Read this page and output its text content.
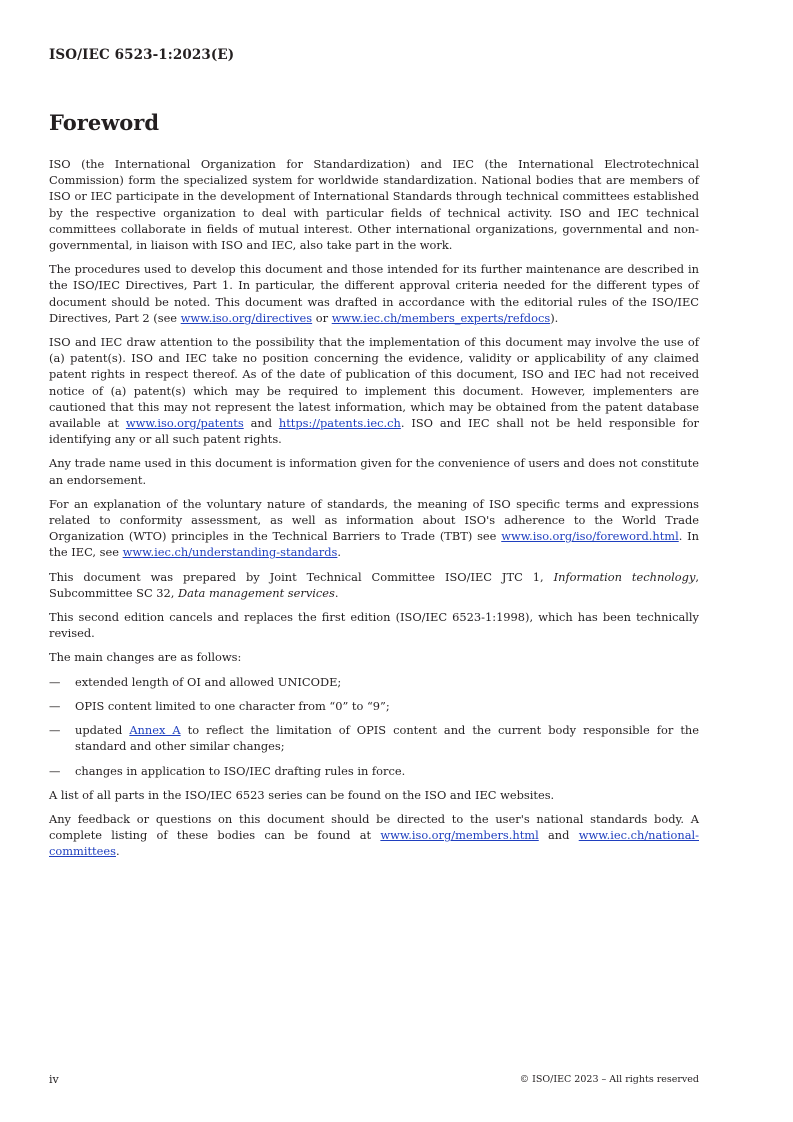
ISO/IEC 6523-1:2023(E)
Foreword

ISO (the International Organization for Standardization) and IEC (the International Electrotechnical Commission) form the specialized system for worldwide standardization. National bodies that are members of ISO or IEC participate in the development of International Standards through technical committees established by the respective organization to deal with particular fields of technical activity. ISO and IEC technical committees collaborate in fields of mutual interest. Other international organizations, governmental and non-governmental, in liaison with ISO and IEC, also take part in the work.

The procedures used to develop this document and those intended for its further maintenance are described in the ISO/IEC Directives, Part 1. In particular, the different approval criteria needed for the different types of document should be noted. This document was drafted in accordance with the editorial rules of the ISO/IEC Directives, Part 2 (see www.iso.org/directives or www.iec.ch/members_experts/refdocs).

ISO and IEC draw attention to the possibility that the implementation of this document may involve the use of (a) patent(s). ISO and IEC take no position concerning the evidence, validity or applicability of any claimed patent rights in respect thereof. As of the date of publication of this document, ISO and IEC had not received notice of (a) patent(s) which may be required to implement this document. However, implementers are cautioned that this may not represent the latest information, which may be obtained from the patent database available at www.iso.org/patents and https://patents.iec.ch. ISO and IEC shall not be held responsible for identifying any or all such patent rights.

Any trade name used in this document is information given for the convenience of users and does not constitute an endorsement.

For an explanation of the voluntary nature of standards, the meaning of ISO specific terms and expressions related to conformity assessment, as well as information about ISO's adherence to the World Trade Organization (WTO) principles in the Technical Barriers to Trade (TBT) see www.iso.org/iso/foreword.html. In the IEC, see www.iec.ch/understanding-standards.

This document was prepared by Joint Technical Committee ISO/IEC JTC 1, Information technology, Subcommittee SC 32, Data management services.

This second edition cancels and replaces the first edition (ISO/IEC 6523-1:1998), which has been technically revised.

The main changes are as follows:

— extended length of OI and allowed UNICODE;
— OPIS content limited to one character from “0” to “9”;
— updated Annex A to reflect the limitation of OPIS content and the current body responsible for the standard and other similar changes;
— changes in application to ISO/IEC drafting rules in force.

A list of all parts in the ISO/IEC 6523 series can be found on the ISO and IEC websites.

Any feedback or questions on this document should be directed to the user's national standards body. A complete listing of these bodies can be found at www.iso.org/members.html and www.iec.ch/national-committees.

iv	© ISO/IEC 2023 – All rights reserved
